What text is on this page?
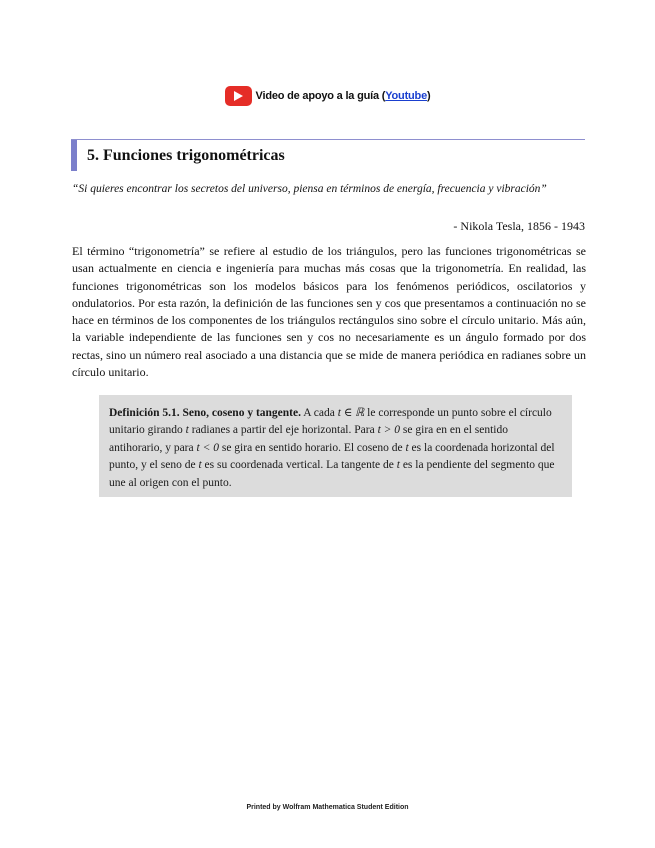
Video de apoyo a la guía (Youtube)
5. Funciones trigonométricas
“Si quieres encontrar los secretos del universo, piensa en términos de energía, frecuencia y vibración”
- Nikola Tesla, 1856 - 1943
El término “trigonometría” se refiere al estudio de los triángulos, pero las funciones trigonométricas se usan actualmente en ciencia e ingeniería para muchas más cosas que la trigonometría. En realidad, las funciones trigonométricas son los modelos básicos para los fenómenos periódicos, oscilatorios y ondulatorios. Por esta razón, la definición de las funciones sen y cos que presentamos a continuación no se hace en términos de los componentes de los triángulos rectángulos sino sobre el círculo unitario. Más aún, la variable independiente de las funciones sen y cos no necesariamente es un ángulo formado por dos rectas, sino un número real asociado a una distancia que se mide de manera periódica en radianes sobre un círculo unitario.
Definición 5.1. Seno, coseno y tangente. A cada t ∈ ℝ le corresponde un punto sobre el círculo unitario girando t radianes a partir del eje horizontal. Para t > 0 se gira en en el sentido antihorario, y para t < 0 se gira en sentido horario. El coseno de t es la coordenada horizontal del punto, y el seno de t es su coordenada vertical. La tangente de t es la pendiente del segmento que une al origen con el punto.
Printed by Wolfram Mathematica Student Edition
